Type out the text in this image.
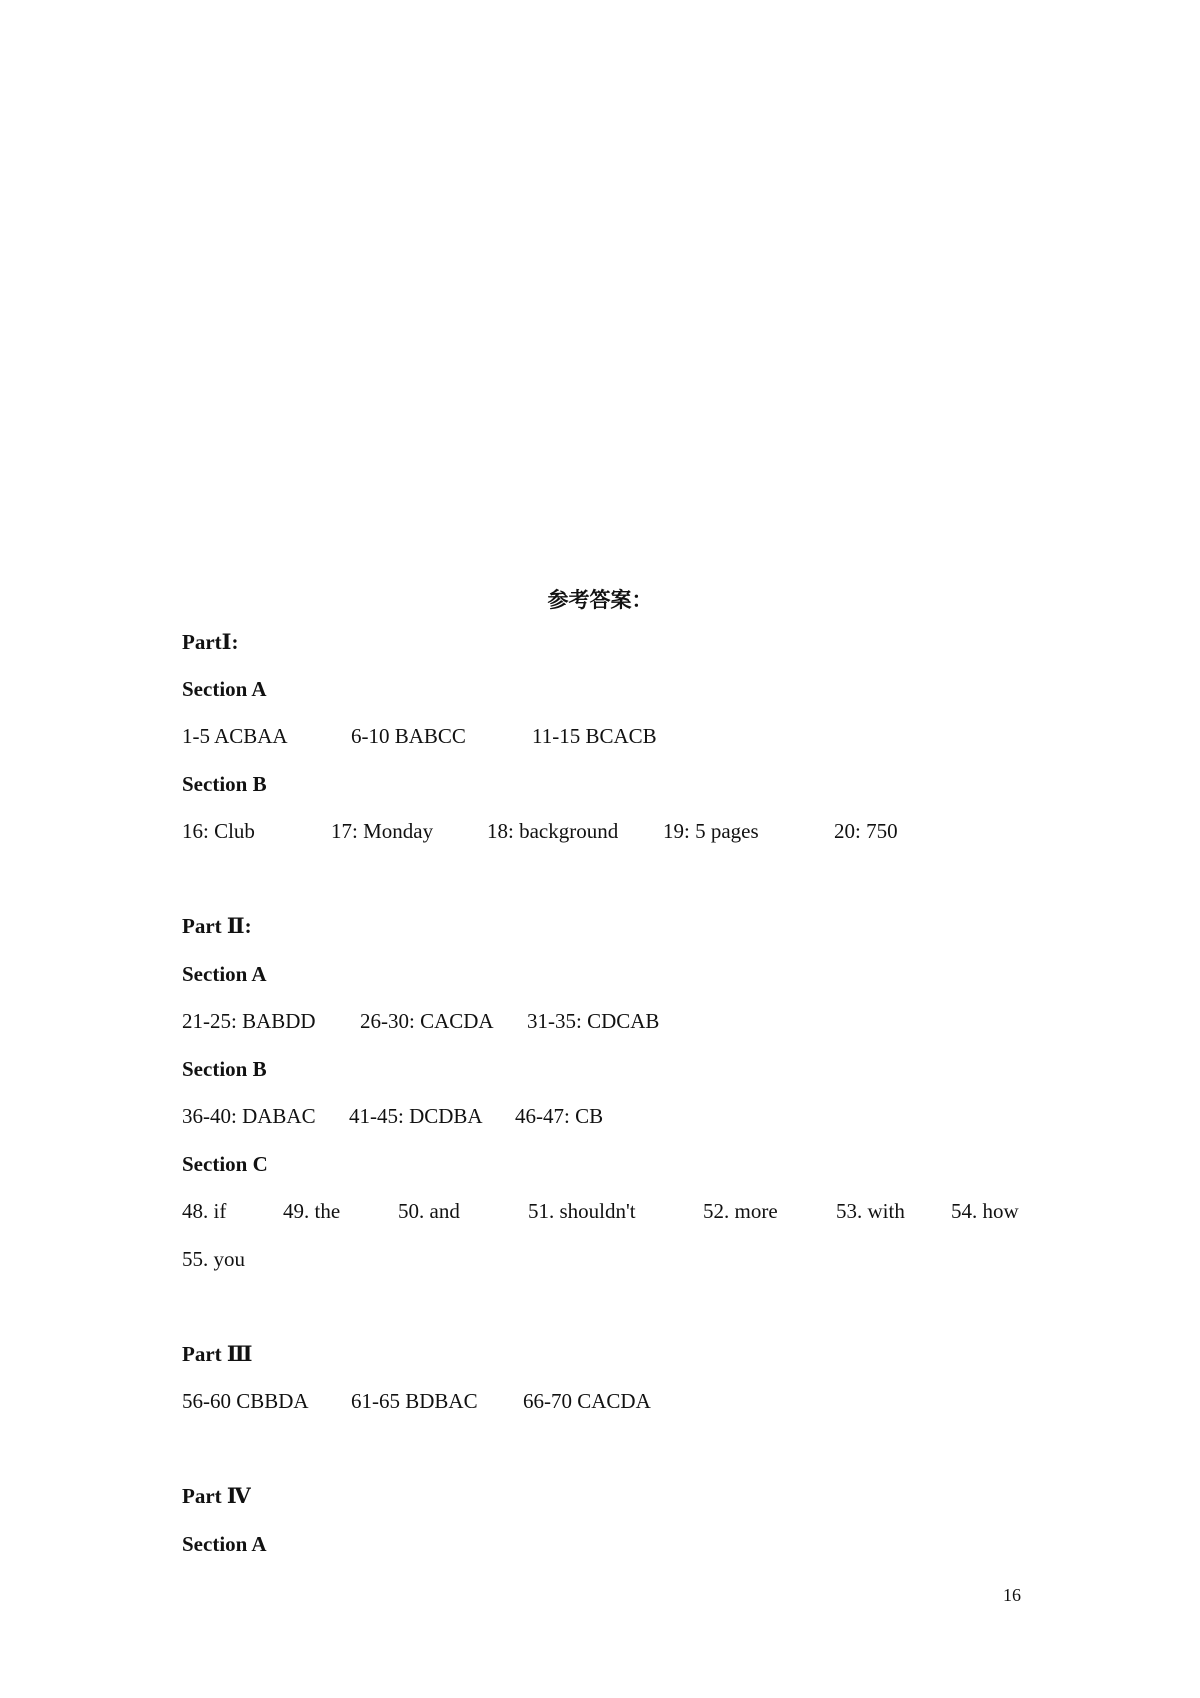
参考答案：
PartⅠ:
Section A
1-5 ACBAA	6-10 BABCC	11-15 BCACB
Section B
16: Club	17: Monday	18: background 19: 5 pages	20: 750
Part Ⅱ:
Section A
21-25: BABDD 26-30: CACDA 31-35: CDCAB
Section B
36-40: DABAC 41-45: DCDBA 46-47: CB
Section C
48. if	49. the	50. and	51. shouldn't	52. more	53. with 54. how
55. you
Part Ⅲ
56-60 CBBDA 61-65 BDBAC 66-70 CACDA
Part Ⅳ
Section A
16
